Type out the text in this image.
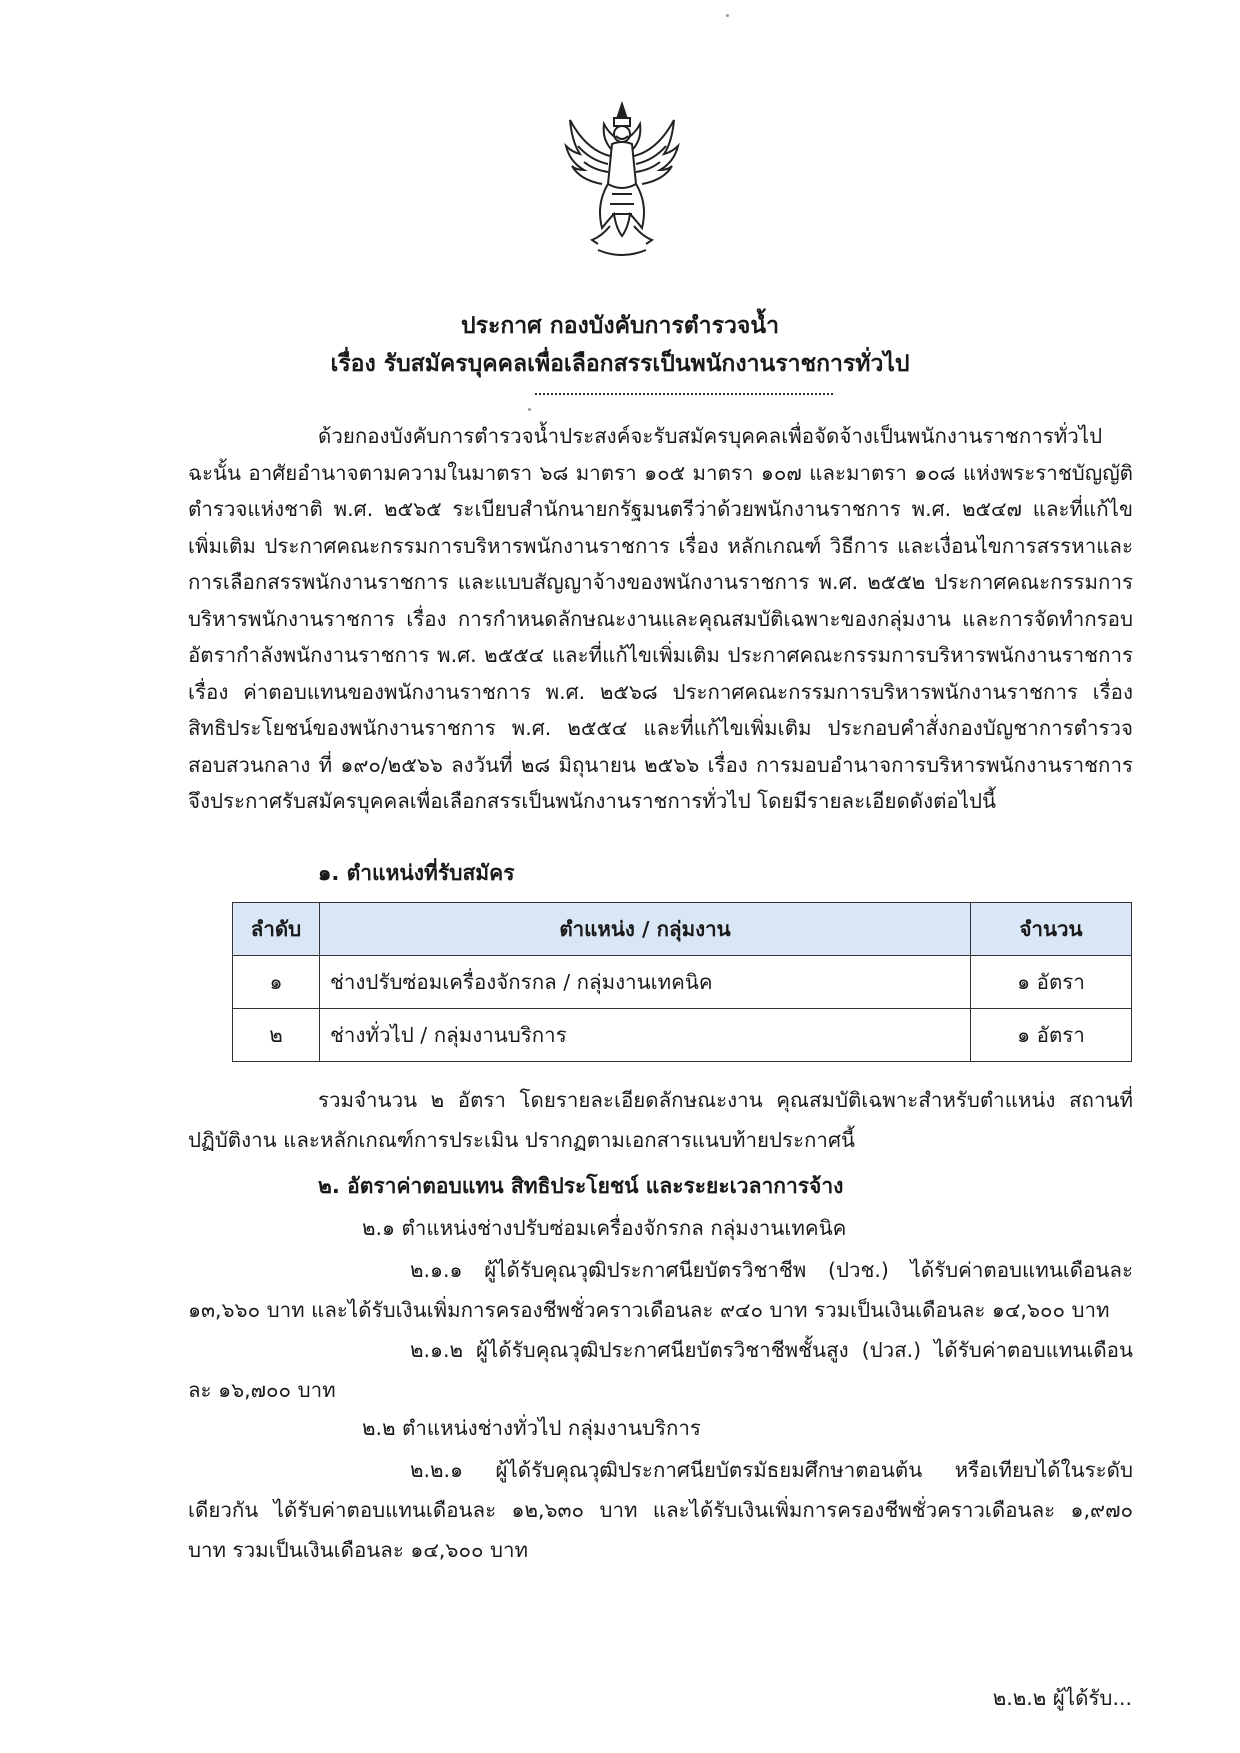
ประกาศ กองบังคับการตำรวจน้ำ
เรื่อง รับสมัครบุคคลเพื่อเลือกสรรเป็นพนักงานราชการทั่วไป
ด้วยกองบังคับการตำรวจน้ำประสงค์จะรับสมัครบุคคลเพื่อจัดจ้างเป็นพนักงานราชการทั่วไป ฉะนั้น อาศัยอำนาจตามความในมาตรา ๖๘ มาตรา ๑๐๕ มาตรา ๑๐๗ และมาตรา ๑๐๘ แห่งพระราชบัญญัติตำรวจแห่งชาติ พ.ศ. ๒๕๖๕ ระเบียบสำนักนายกรัฐมนตรีว่าด้วยพนักงานราชการ พ.ศ. ๒๕๔๗ และที่แก้ไขเพิ่มเติม ประกาศคณะกรรมการบริหารพนักงานราชการ เรื่อง หลักเกณฑ์ วิธีการ และเงื่อนไขการสรรหาและการเลือกสรรพนักงานราชการ และแบบสัญญาจ้างของพนักงานราชการ พ.ศ. ๒๕๕๒ ประกาศคณะกรรมการบริหารพนักงานราชการ เรื่อง การกำหนดลักษณะงานและคุณสมบัติเฉพาะของกลุ่มงาน และการจัดทำกรอบอัตรากำลังพนักงานราชการ พ.ศ. ๒๕๕๔ และที่แก้ไขเพิ่มเติม ประกาศคณะกรรมการบริหารพนักงานราชการ เรื่อง ค่าตอบแทนของพนักงานราชการ พ.ศ. ๒๕๖๘ ประกาศคณะกรรมการบริหารพนักงานราชการ เรื่อง สิทธิประโยชน์ของพนักงานราชการ พ.ศ. ๒๕๕๔ และที่แก้ไขเพิ่มเติม ประกอบคำสั่งกองบัญชาการตำรวจสอบสวนกลาง ที่ ๑๙๐/๒๕๖๖ ลงวันที่ ๒๘ มิถุนายน ๒๕๖๖ เรื่อง การมอบอำนาจการบริหารพนักงานราชการ จึงประกาศรับสมัครบุคคลเพื่อเลือกสรรเป็นพนักงานราชการทั่วไป โดยมีรายละเอียดดังต่อไปนี้
๑. ตำแหน่งที่รับสมัคร
ลำดับ	ตำแหน่ง / กลุ่มงาน	จำนวน
๑	ช่างปรับซ่อมเครื่องจักรกล / กลุ่มงานเทคนิค	๑ อัตรา
๒	ช่างทั่วไป / กลุ่มงานบริการ	๑ อัตรา
รวมจำนวน ๒ อัตรา โดยรายละเอียดลักษณะงาน คุณสมบัติเฉพาะสำหรับตำแหน่ง สถานที่ปฏิบัติงาน และหลักเกณฑ์การประเมิน ปรากฏตามเอกสารแนบท้ายประกาศนี้
๒. อัตราค่าตอบแทน สิทธิประโยชน์ และระยะเวลาการจ้าง
๒.๑ ตำแหน่งช่างปรับซ่อมเครื่องจักรกล กลุ่มงานเทคนิค
๒.๑.๑ ผู้ได้รับคุณวุฒิประกาศนียบัตรวิชาชีพ (ปวช.) ได้รับค่าตอบแทนเดือนละ ๑๓,๖๖๐ บาท และได้รับเงินเพิ่มการครองชีพชั่วคราวเดือนละ ๙๔๐ บาท รวมเป็นเงินเดือนละ ๑๔,๖๐๐ บาท
๒.๑.๒ ผู้ได้รับคุณวุฒิประกาศนียบัตรวิชาชีพชั้นสูง (ปวส.) ได้รับค่าตอบแทนเดือนละ ๑๖,๗๐๐ บาท
๒.๒ ตำแหน่งช่างทั่วไป กลุ่มงานบริการ
๒.๒.๑ ผู้ได้รับคุณวุฒิประกาศนียบัตรมัธยมศึกษาตอนต้น หรือเทียบได้ในระดับเดียวกัน ได้รับค่าตอบแทนเดือนละ ๑๒,๖๓๐ บาท และได้รับเงินเพิ่มการครองชีพชั่วคราวเดือนละ ๑,๙๗๐ บาท รวมเป็นเงินเดือนละ ๑๔,๖๐๐ บาท
๒.๒.๒ ผู้ได้รับ...
